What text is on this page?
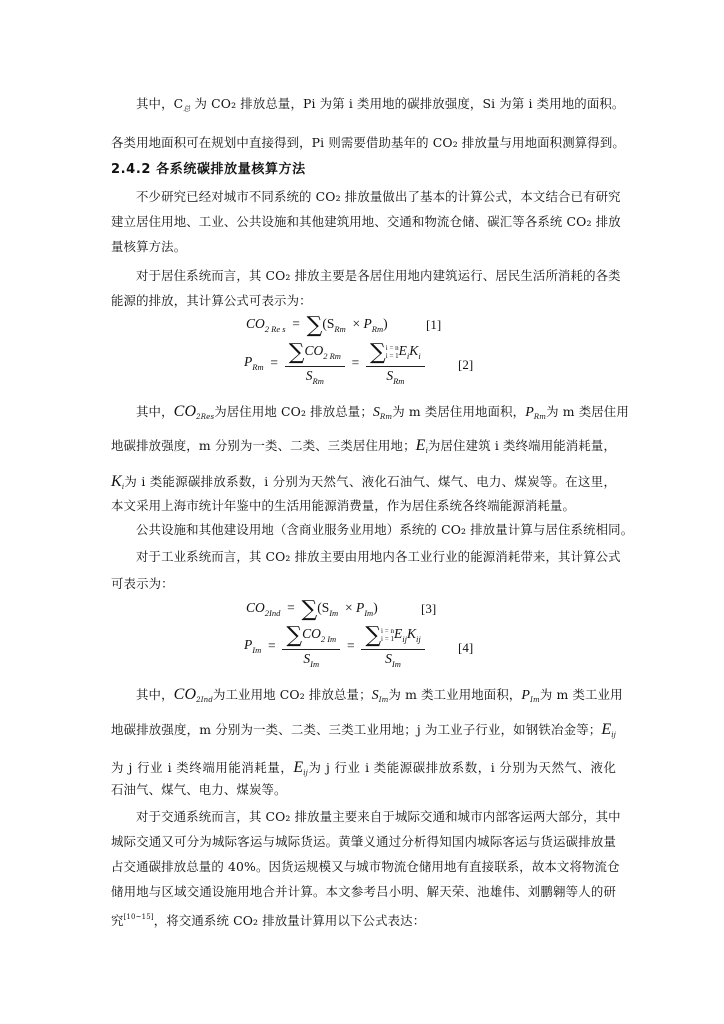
其中，$C_总$ 为 CO₂ 排放总量，Pi 为第 i 类用地的碳排放强度，Si 为第 i 类用地的面积。
各类用地面积可在规划中直接得到，Pi 则需要借助基年的 CO₂ 排放量与用地面积测算得到。
2.4.2 各系统碳排放量核算方法
不少研究已经对城市不同系统的 CO₂ 排放量做出了基本的计算公式，本文结合已有研究
建立居住用地、工业、公共设施和其他建筑用地、交通和物流仓储、碳汇等各系统 CO₂ 排放
量核算方法。
对于居住系统而言，其 CO₂ 排放主要是各居住用地内建筑运行、居民生活所消耗的各类
能源的排放，其计算公式可表示为：
$CO_{2 Re s} = \sum(S_{Rm} \times P_{Rm})$	[1]
$P_{Rm} = \frac{\sum CO_{2 Rm}}{S_{Rm}}$ = ∑ i = n
i = 1 $E_iK_i$
$S_{Rm}$	[2]
其中，$CO_{2Res}$为居住用地 CO₂ 排放总量；$S_{Rm}$为 m 类居住用地面积，$P_{Rm}$为 m 类居住用
地碳排放强度，m 分别为一类、二类、三类居住用地；$E_i$为居住建筑 i 类终端用能消耗量，
$K_i$为 i 类能源碳排放系数，i 分别为天然气、液化石油气、煤气、电力、煤炭等。在这里，
本文采用上海市统计年鉴中的生活用能源消费量，作为居住系统各终端能源消耗量。
公共设施和其他建设用地（含商业服务业用地）系统的 CO₂ 排放量计算与居住系统相同。
对于工业系统而言，其 CO₂ 排放主要由用地内各工业行业的能源消耗带来，其计算公式
可表示为：
$CO_{2Ind} = \sum(S_{Im} \times P_{Im})$	[3]
$P_{Im} = \frac{\sum CO_{2 Im}}{S_{Im}}$ = ∑ i = n
i = 1 $E_{ij}K_{ij}$
$S_{Im}$	[4]
其中，$CO_{2Ind}$为工业用地 CO₂ 排放总量；$S_{Im}$为 m 类工业用地面积，$P_{Im}$为 m 类工业用
地碳排放强度，m 分别为一类、二类、三类工业用地；j 为工业子行业，如钢铁冶金等；$E_{ij}$
为 j 行业 i 类终端用能消耗量，$E_{ij}$为 j 行业 i 类能源碳排放系数，i 分别为天然气、液化
石油气、煤气、电力、煤炭等。
对于交通系统而言，其 CO₂ 排放量主要来自于城际交通和城市内部客运两大部分，其中
城际交通又可分为城际客运与城际货运。黄肇义通过分析得知国内城际客运与货运碳排放量
占交通碳排放总量的 40%。因货运规模又与城市物流仓储用地有直接联系，故本文将物流仓
储用地与区域交通设施用地合并计算。本文参考吕小明、解天荣、池雄伟、刘鹏翱等人的研
究[10~15]，将交通系统 CO₂ 排放量计算用以下公式表达：
